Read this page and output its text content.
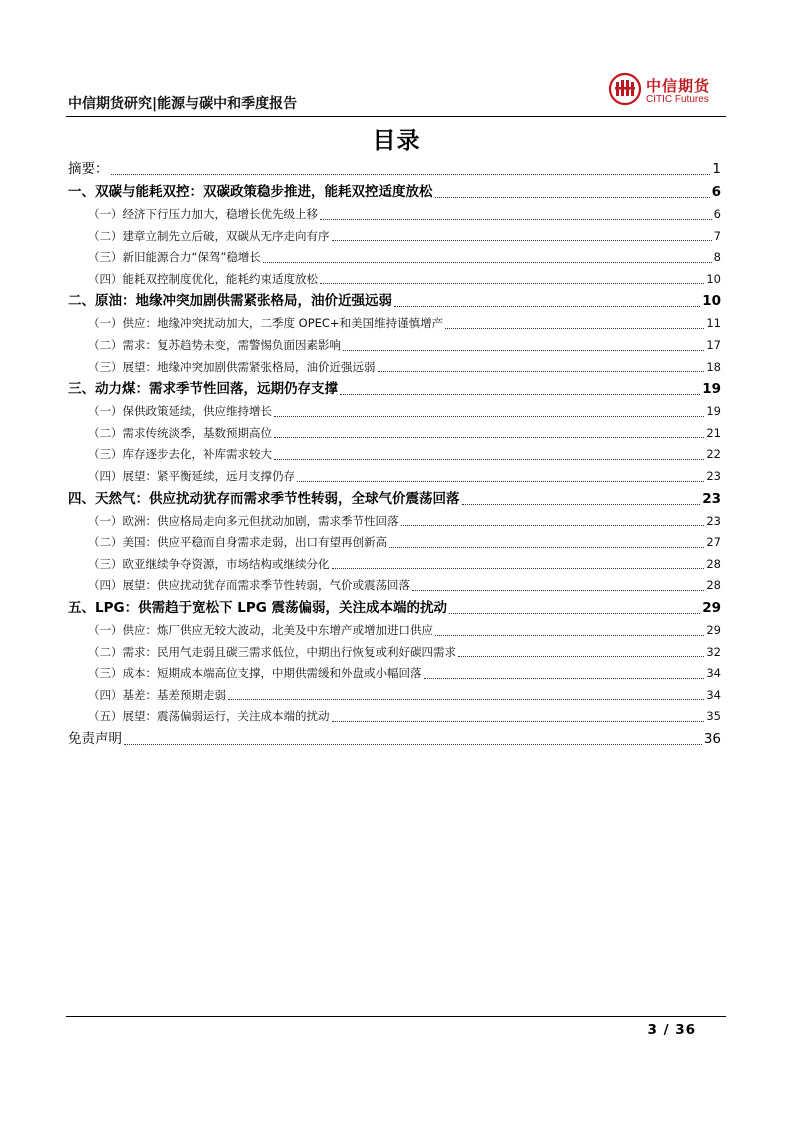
中信期货研究|能源与碳中和季度报告
中信期货
CITIC Futures
目录
摘要：	1
一、双碳与能耗双控：双碳政策稳步推进，能耗双控适度放松	6
（一）经济下行压力加大，稳增长优先级上移	6
（二）建章立制先立后破，双碳从无序走向有序	7
（三）新旧能源合力“保驾”稳增长	8
（四）能耗双控制度优化，能耗约束适度放松	10
二、原油：地缘冲突加剧供需紧张格局，油价近强远弱	10
（一）供应：地缘冲突扰动加大，二季度 OPEC+和美国维持谨慎增产	11
（二）需求：复苏趋势未变，需警惕负面因素影响	17
（三）展望：地缘冲突加剧供需紧张格局，油价近强远弱	18
三、动力煤：需求季节性回落，远期仍存支撑	19
（一）保供政策延续，供应维持增长	19
（二）需求传统淡季，基数预期高位	21
（三）库存逐步去化，补库需求较大	22
（四）展望：紧平衡延续，远月支撑仍存	23
四、天然气：供应扰动犹存而需求季节性转弱，全球气价震荡回落	23
（一）欧洲：供应格局走向多元但扰动加剧，需求季节性回落	23
（二）美国：供应平稳而自身需求走弱，出口有望再创新高	27
（三）欧亚继续争夺资源，市场结构或继续分化	28
（四）展望：供应扰动犹存而需求季节性转弱，气价或震荡回落	28
五、LPG：供需趋于宽松下 LPG 震荡偏弱，关注成本端的扰动	29
（一）供应：炼厂供应无较大波动，北美及中东增产或增加进口供应	29
（二）需求：民用气走弱且碳三需求低位，中期出行恢复或利好碳四需求	32
（三）成本：短期成本端高位支撑，中期供需缓和外盘或小幅回落	34
（四）基差：基差预期走弱	34
（五）展望：震荡偏弱运行，关注成本端的扰动	35
免责声明	36
3 / 36
